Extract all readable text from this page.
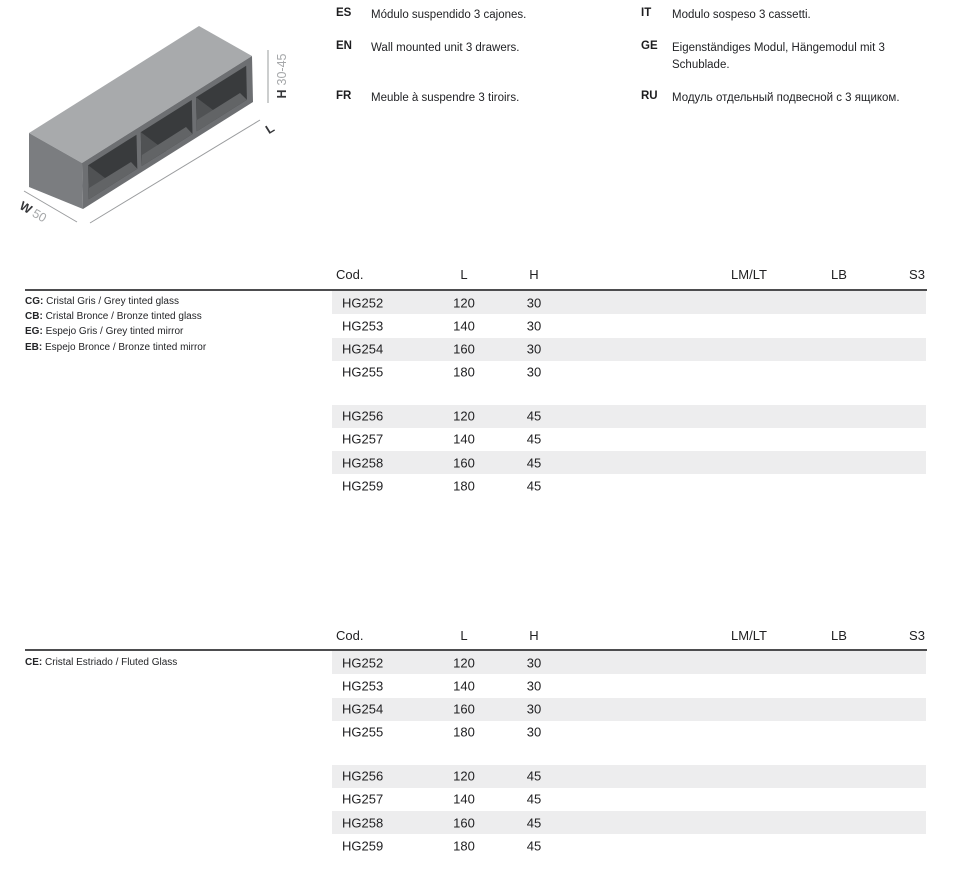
H30-45
L
W50
ES	Módulo suspendido 3 cajones.
EN	Wall mounted unit 3 drawers.
FR	Meuble à suspendre 3 tiroirs.
IT	Modulo sospeso 3 cassetti.
GE	Eigenständiges Modul, Hängemodul mit 3 Schublade.
RU	Модуль отдельный подвесной с 3 ящиком.
Cod.	L	H	LM/LT	LB	S3
CG: Cristal Gris / Grey tinted glass
CB: Cristal Bronce / Bronze tinted glass
EG: Espejo Gris / Grey tinted mirror
EB: Espejo Bronce / Bronze tinted mirror
HG252	120	30
HG253	140	30
HG254	160	30
HG255	180	30
HG256	120	45
HG257	140	45
HG258	160	45
HG259	180	45
Cod.	L	H	LM/LT	LB	S3
CE: Cristal Estriado / Fluted Glass	HG252	120	30
HG253	140	30
HG254	160	30
HG255	180	30
HG256	120	45
HG257	140	45
HG258	160	45
HG259	180	45
